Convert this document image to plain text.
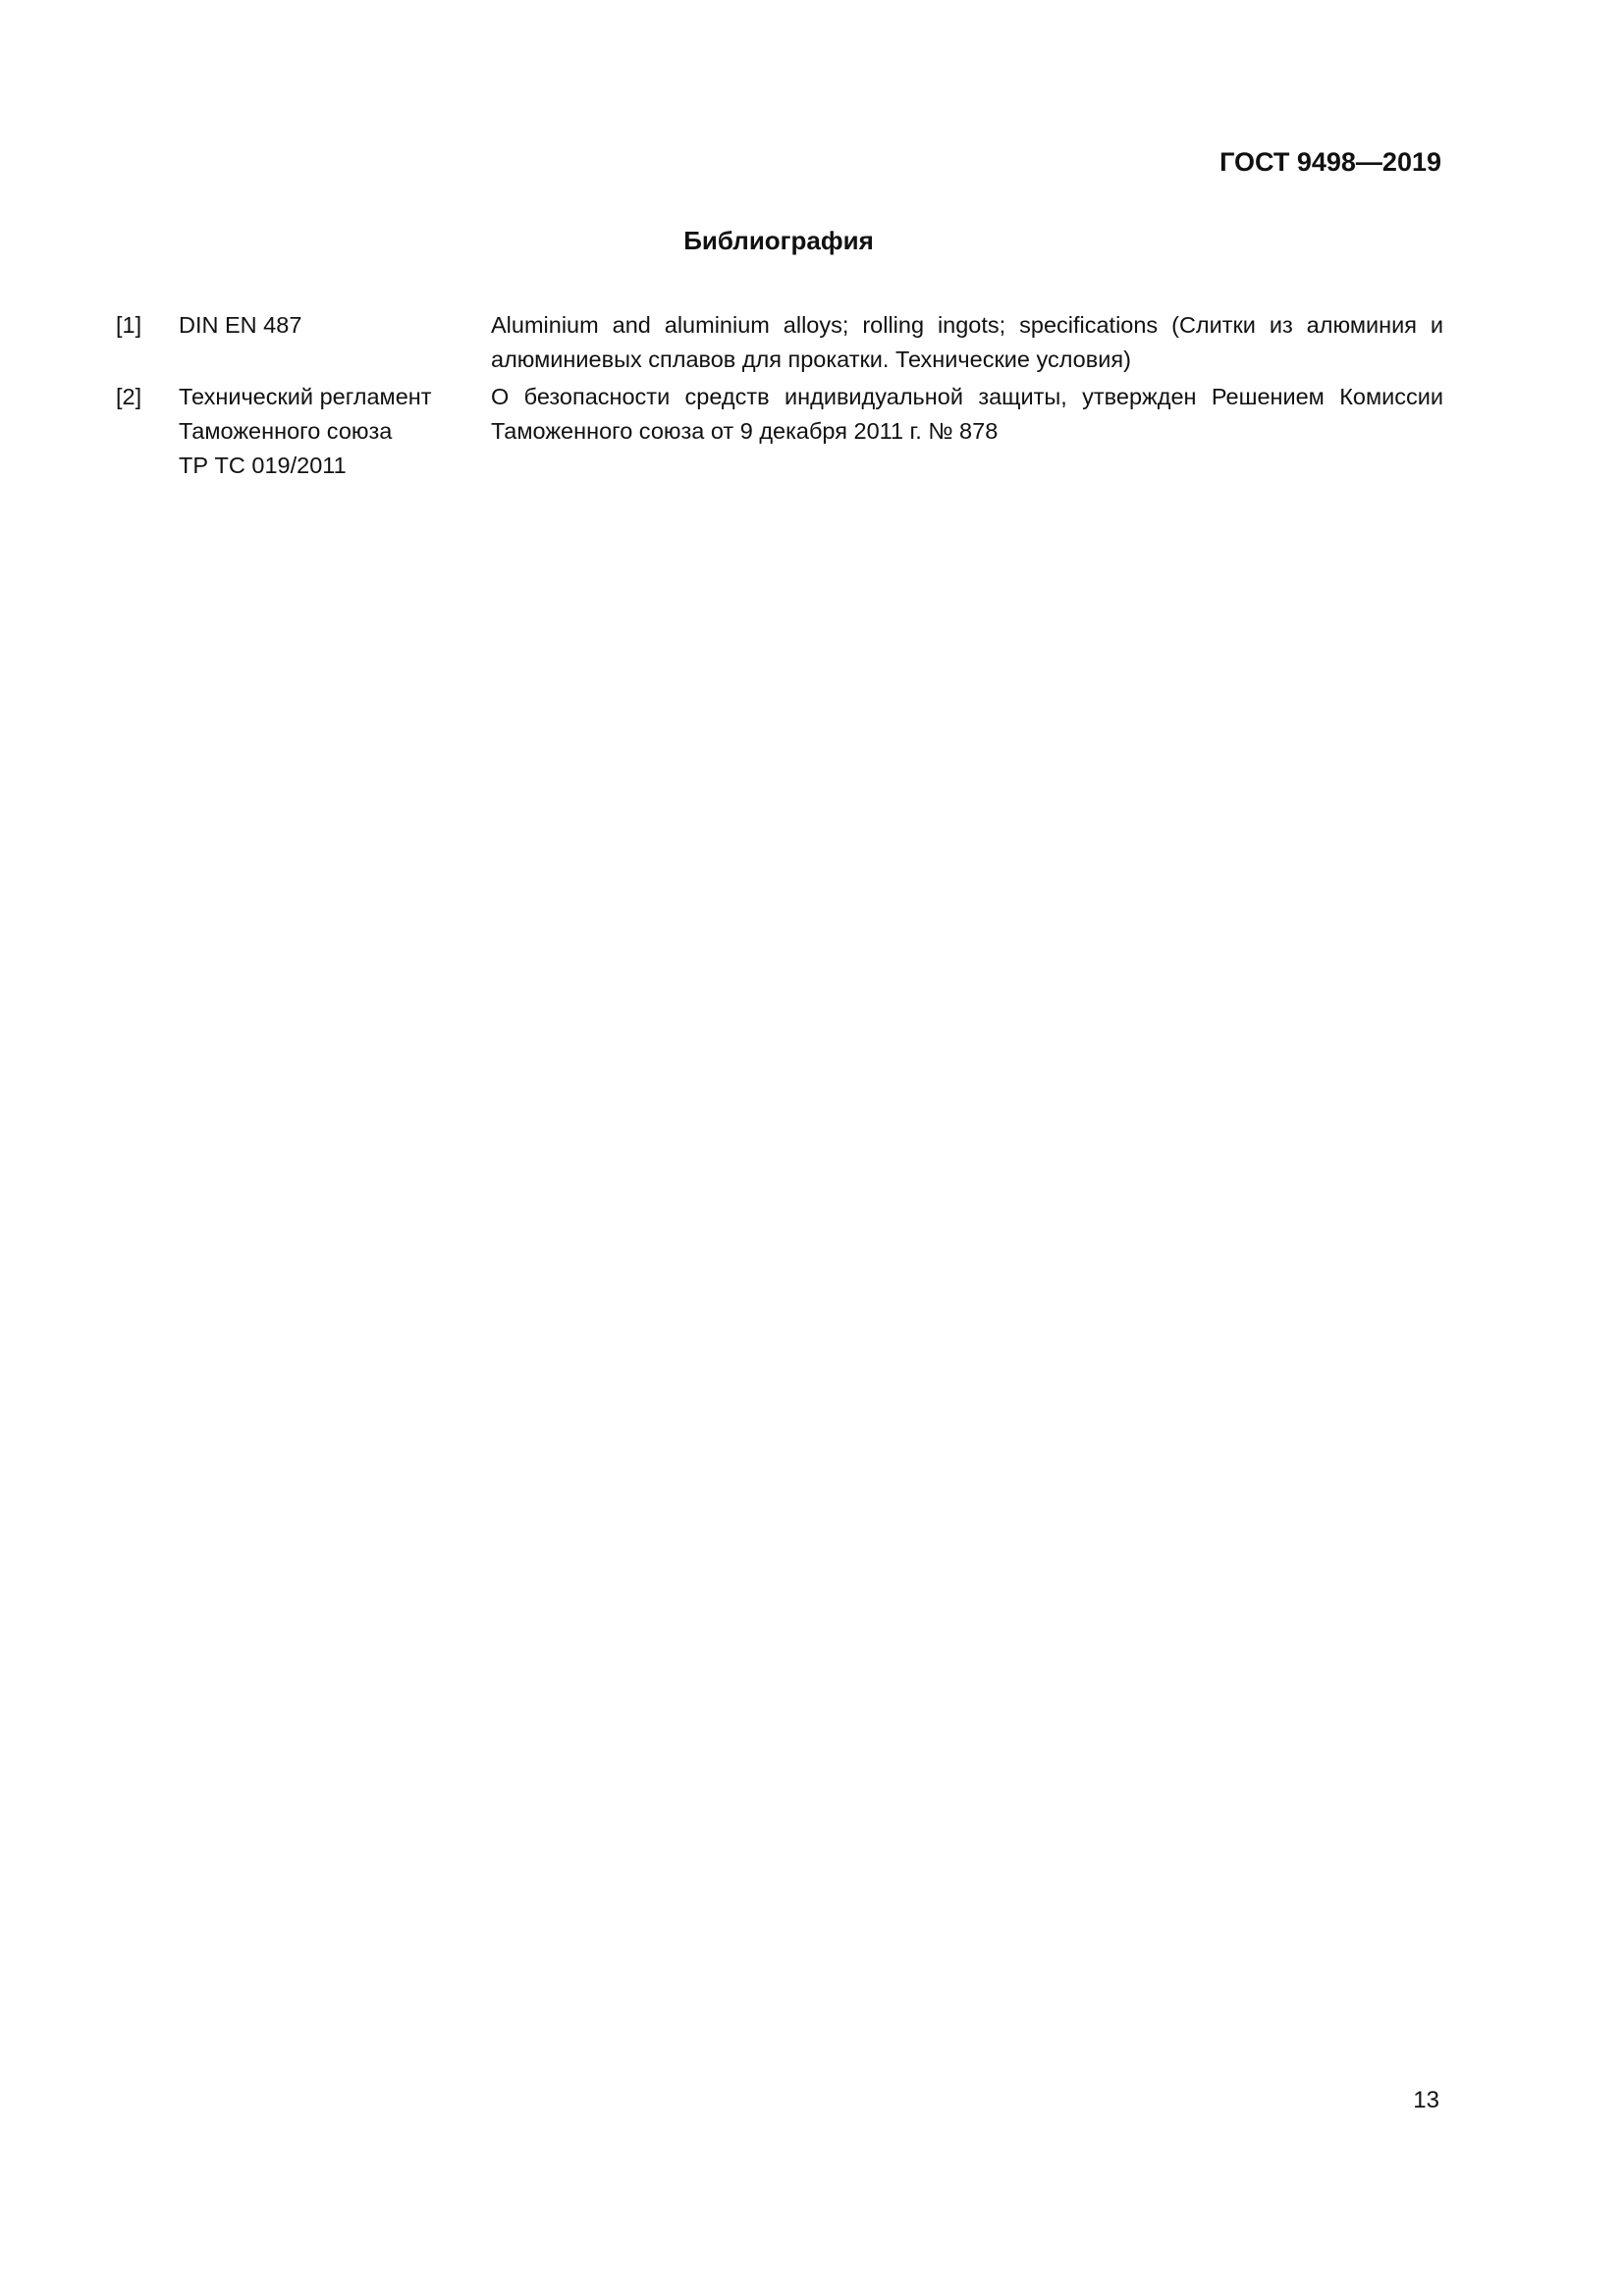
ГОСТ 9498—2019
Библиография
[1] DIN EN 487	Aluminium and aluminium alloys; rolling ingots; specifications (Слитки из алюминия и
алюминиевых сплавов для прокатки. Технические условия)
[2] Технический регламент
Таможенного союза
ТР ТС 019/2011
О безопасности средств индивидуальной защиты, утвержден Решением Комиссии
Таможенного союза от 9 декабря 2011 г. № 878
13
